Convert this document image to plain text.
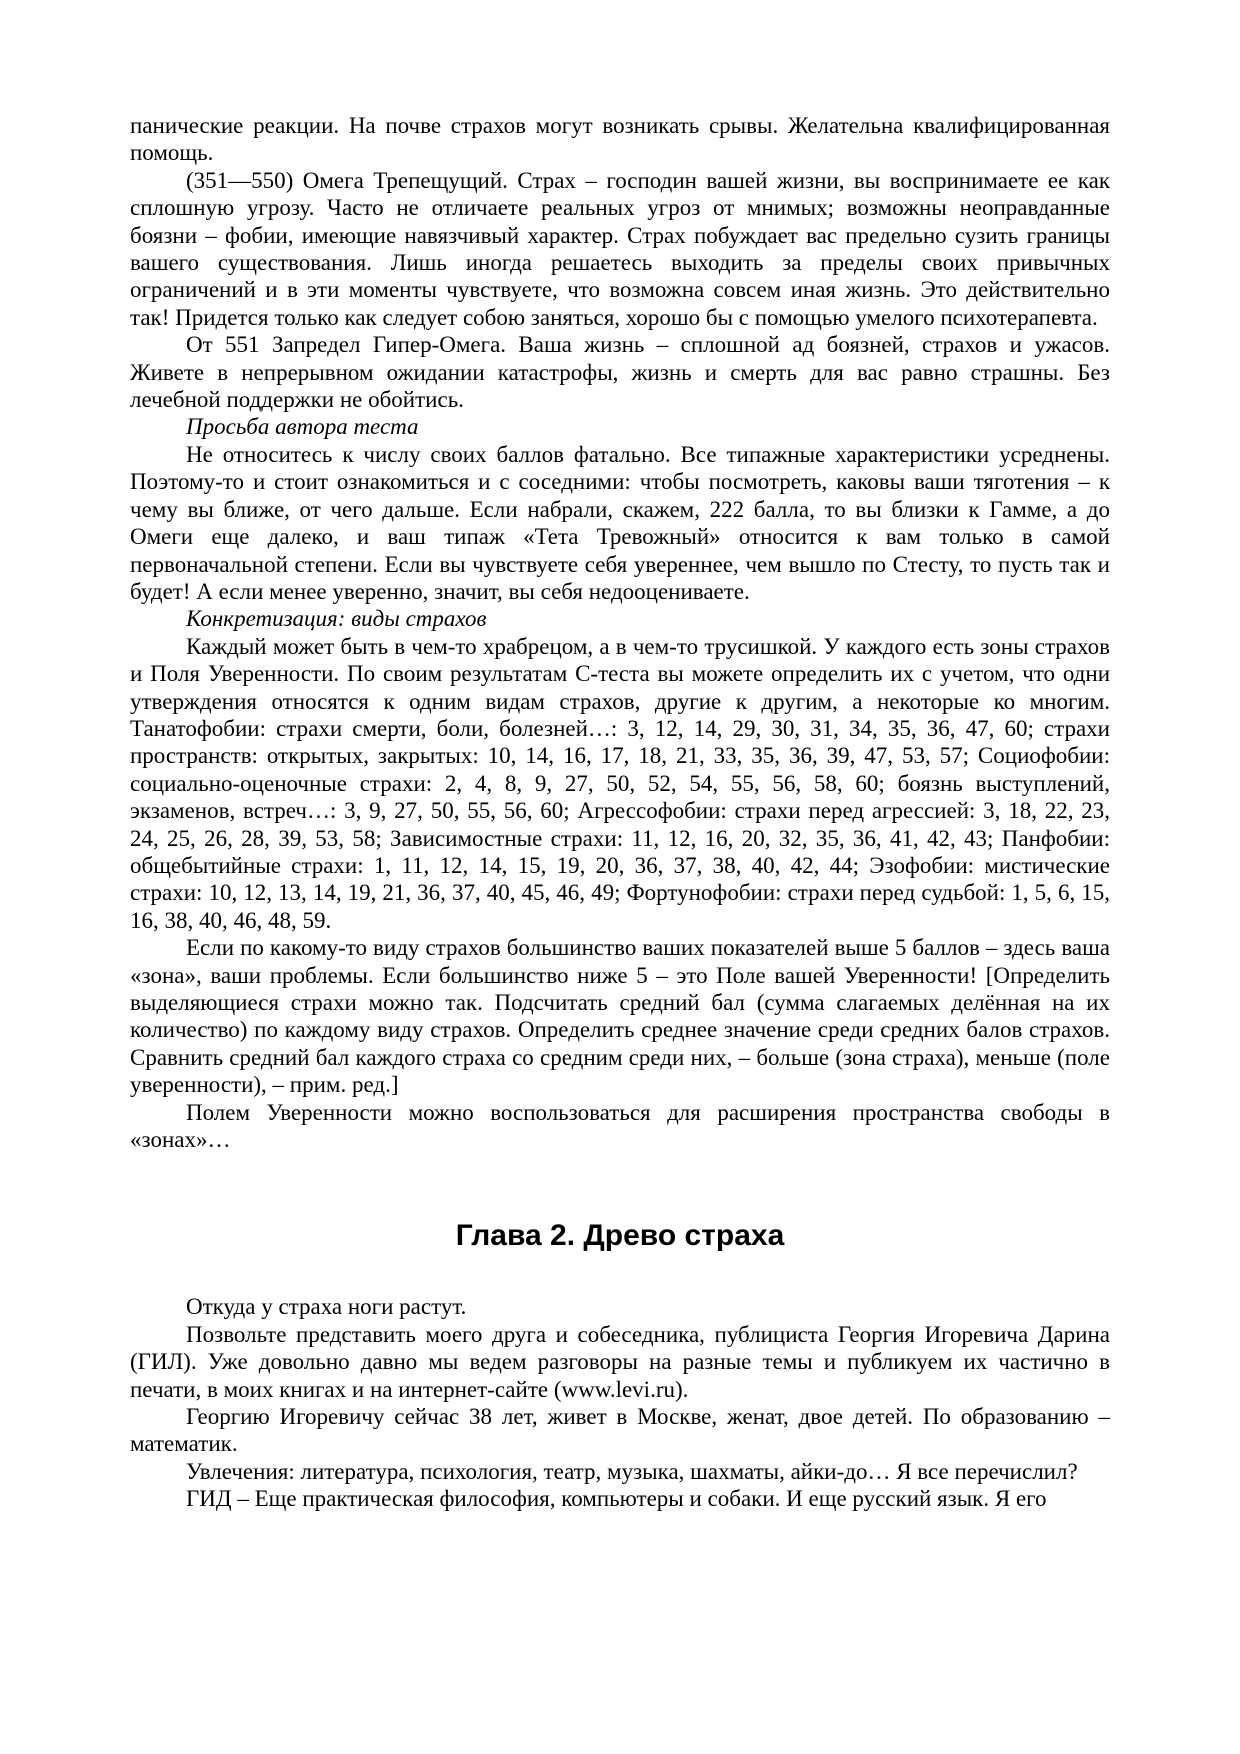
панические реакции. На почве страхов могут возникать срывы. Желательна квалифицированная помощь.

(351—550) Омега Трепещущий. Страх – господин вашей жизни, вы воспринимаете ее как сплошную угрозу. Часто не отличаете реальных угроз от мнимых; возможны неоправданные боязни – фобии, имеющие навязчивый характер. Страх побуждает вас предельно сузить границы вашего существования. Лишь иногда решаетесь выходить за пределы своих привычных ограничений и в эти моменты чувствуете, что возможна совсем иная жизнь. Это действительно так! Придется только как следует собою заняться, хорошо бы с помощью умелого психотерапевта.

От 551 Запредел Гипер-Омега. Ваша жизнь – сплошной ад боязней, страхов и ужасов. Живете в непрерывном ожидании катастрофы, жизнь и смерть для вас равно страшны. Без лечебной поддержки не обойтись.

Просьба автора теста

Не относитесь к числу своих баллов фатально. Все типажные характеристики усреднены. Поэтому-то и стоит ознакомиться и с соседними: чтобы посмотреть, каковы ваши тяготения – к чему вы ближе, от чего дальше. Если набрали, скажем, 222 балла, то вы близки к Гамме, а до Омеги еще далеко, и ваш типаж «Тета Тревожный» относится к вам только в самой первоначальной степени. Если вы чувствуете себя увереннее, чем вышло по Стесту, то пусть так и будет! А если менее уверенно, значит, вы себя недооцениваете.

Конкретизация: виды страхов

Каждый может быть в чем-то храбрецом, а в чем-то трусишкой. У каждого есть зоны страхов и Поля Уверенности. По своим результатам С-теста вы можете определить их с учетом, что одни утверждения относятся к одним видам страхов, другие к другим, а некоторые ко многим. Танатофобии: страхи смерти, боли, болезней…: 3, 12, 14, 29, 30, 31, 34, 35, 36, 47, 60; страхи пространств: открытых, закрытых: 10, 14, 16, 17, 18, 21, 33, 35, 36, 39, 47, 53, 57; Социофобии: социально-оценочные страхи: 2, 4, 8, 9, 27, 50, 52, 54, 55, 56, 58, 60; боязнь выступлений, экзаменов, встреч…: 3, 9, 27, 50, 55, 56, 60; Агрессофобии: страхи перед агрессией: 3, 18, 22, 23, 24, 25, 26, 28, 39, 53, 58; Зависимостные страхи: 11, 12, 16, 20, 32, 35, 36, 41, 42, 43; Панфобии: общебытийные страхи: 1, 11, 12, 14, 15, 19, 20, 36, 37, 38, 40, 42, 44; Эзофобии: мистические страхи: 10, 12, 13, 14, 19, 21, 36, 37, 40, 45, 46, 49; Фортунофобии: страхи перед судьбой: 1, 5, 6, 15, 16, 38, 40, 46, 48, 59.

Если по какому-то виду страхов большинство ваших показателей выше 5 баллов – здесь ваша «зона», ваши проблемы. Если большинство ниже 5 – это Поле вашей Уверенности! [Определить выделяющиеся страхи можно так. Подсчитать средний бал (сумма слагаемых делённая на их количество) по каждому виду страхов. Определить среднее значение среди средних балов страхов. Сравнить средний бал каждого страха со средним среди них, – больше (зона страха), меньше (поле уверенности), – прим. ред.]

Полем Уверенности можно воспользоваться для расширения пространства свободы в «зонах»…

Глава 2. Древо страха

Откуда у страха ноги растут.

Позвольте представить моего друга и собеседника, публициста Георгия Игоревича Дарина (ГИЛ). Уже довольно давно мы ведем разговоры на разные темы и публикуем их частично в печати, в моих книгах и на интернет-сайте (www.levi.ru).

Георгию Игоревичу сейчас 38 лет, живет в Москве, женат, двое детей. По образованию – математик.

Увлечения: литература, психология, театр, музыка, шахматы, айки-до… Я все перечислил?

ГИД – Еще практическая философия, компьютеры и собаки. И еще русский язык. Я его
